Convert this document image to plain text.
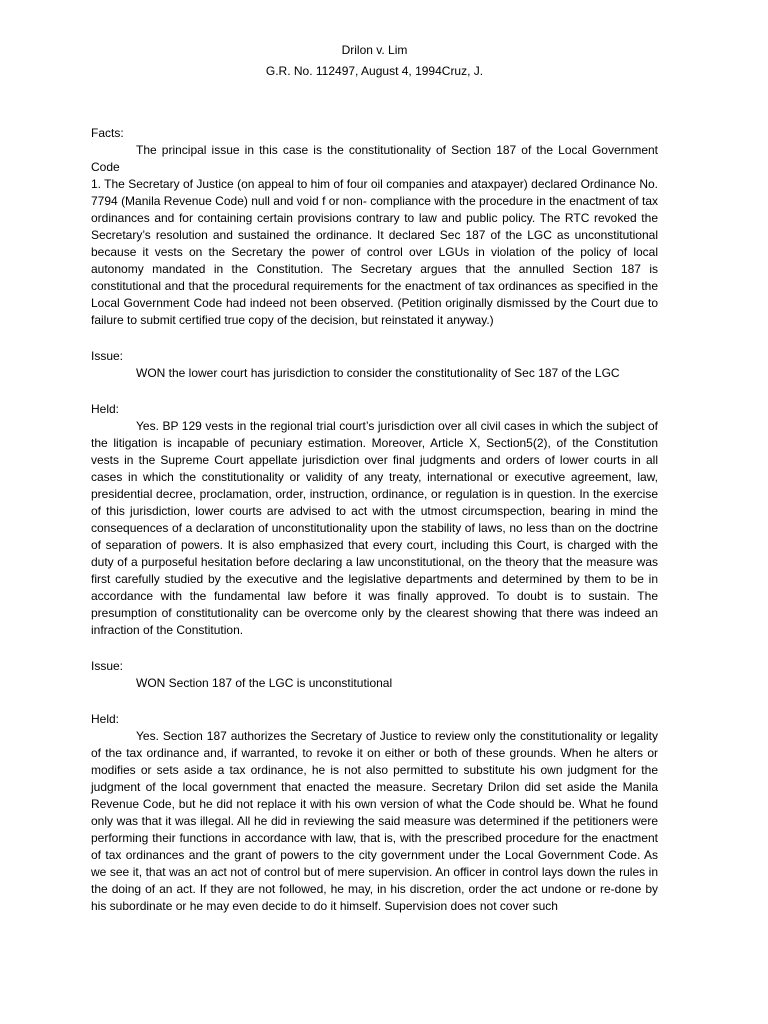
Drilon v. Lim
G.R. No. 112497, August 4, 1994Cruz, J.
Facts:

The principal issue in this case is the constitutionality of Section 187 of the Local Government Code

1. The Secretary of Justice (on appeal to him of four oil companies and ataxpayer) declared Ordinance No. 7794 (Manila Revenue Code) null and void f or non- compliance with the procedure in the enactment of tax ordinances and for containing certain provisions contrary to law and public policy. The RTC revoked the Secretary’s resolution and sustained the ordinance. It declared Sec 187 of the LGC as unconstitutional because it vests on the Secretary the power of control over LGUs in violation of the policy of local autonomy mandated in the Constitution. The Secretary argues that the annulled Section 187 is constitutional and that the procedural requirements for the enactment of tax ordinances as specified in the Local Government Code had indeed not been observed. (Petition originally dismissed by the Court due to failure to submit certified true copy of the decision, but reinstated it anyway.)

Issue:

WON the lower court has jurisdiction to consider the constitutionality of Sec 187 of the LGC

Held:

Yes. BP 129 vests in the regional trial court’s jurisdiction over all civil cases in which the subject of the litigation is incapable of pecuniary estimation. Moreover, Article X, Section5(2), of the Constitution vests in the Supreme Court appellate jurisdiction over final judgments and orders of lower courts in all cases in which the constitutionality or validity of any treaty, international or executive agreement, law, presidential decree, proclamation, order, instruction, ordinance, or regulation is in question. In the exercise of this jurisdiction, lower courts are advised to act with the utmost circumspection, bearing in mind the consequences of a declaration of unconstitutionality upon the stability of laws, no less than on the doctrine of separation of powers. It is also emphasized that every court, including this Court, is charged with the duty of a purposeful hesitation before declaring a law unconstitutional, on the theory that the measure was first carefully studied by the executive and the legislative departments and determined by them to be in accordance with the fundamental law before it was finally approved. To doubt is to sustain. The presumption of constitutionality can be overcome only by the clearest showing that there was indeed an infraction of the Constitution.

Issue:

WON Section 187 of the LGC is unconstitutional

Held:

Yes. Section 187 authorizes the Secretary of Justice to review only the constitutionality or legality of the tax ordinance and, if warranted, to revoke it on either or both of these grounds. When he alters or modifies or sets aside a tax ordinance, he is not also permitted to substitute his own judgment for the judgment of the local government that enacted the measure. Secretary Drilon did set aside the Manila Revenue Code, but he did not replace it with his own version of what the Code should be. What he found only was that it was illegal. All he did in reviewing the said measure was determined if the petitioners were performing their functions in accordance with law, that is, with the prescribed procedure for the enactment of tax ordinances and the grant of powers to the city government under the Local Government Code. As we see it, that was an act not of control but of mere supervision. An officer in control lays down the rules in the doing of an act. If they are not followed, he may, in his discretion, order the act undone or re-done by his subordinate or he may even decide to do it himself. Supervision does not cover such
